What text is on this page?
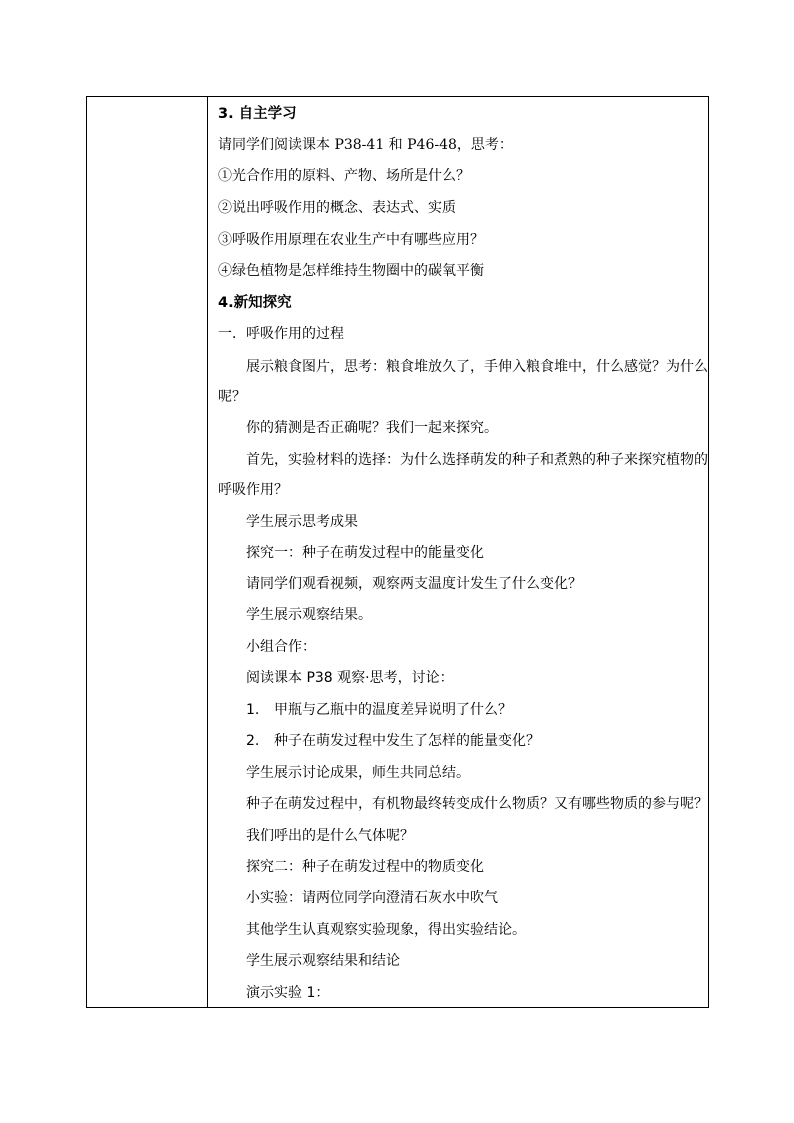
3. 自主学习
请同学们阅读课本 P38-41 和 P46-48，思考：
①光合作用的原料、产物、场所是什么？
②说出呼吸作用的概念、表达式、实质
③呼吸作用原理在农业生产中有哪些应用？
④绿色植物是怎样维持生物圈中的碳氧平衡
4.新知探究
一．呼吸作用的过程
展示粮食图片，思考：粮食堆放久了，手伸入粮食堆中，什么感觉？为什么
呢？
你的猜测是否正确呢？我们一起来探究。
首先，实验材料的选择：为什么选择萌发的种子和煮熟的种子来探究植物的
呼吸作用？
学生展示思考成果
探究一：种子在萌发过程中的能量变化
请同学们观看视频，观察两支温度计发生了什么变化？
学生展示观察结果。
小组合作：
阅读课本 P38 观察·思考，讨论：
1. 甲瓶与乙瓶中的温度差异说明了什么？
2. 种子在萌发过程中发生了怎样的能量变化？
学生展示讨论成果，师生共同总结。
种子在萌发过程中，有机物最终转变成什么物质？又有哪些物质的参与呢？
我们呼出的是什么气体呢？
探究二：种子在萌发过程中的物质变化
小实验：请两位同学向澄清石灰水中吹气
其他学生认真观察实验现象，得出实验结论。
学生展示观察结果和结论
演示实验 1：
